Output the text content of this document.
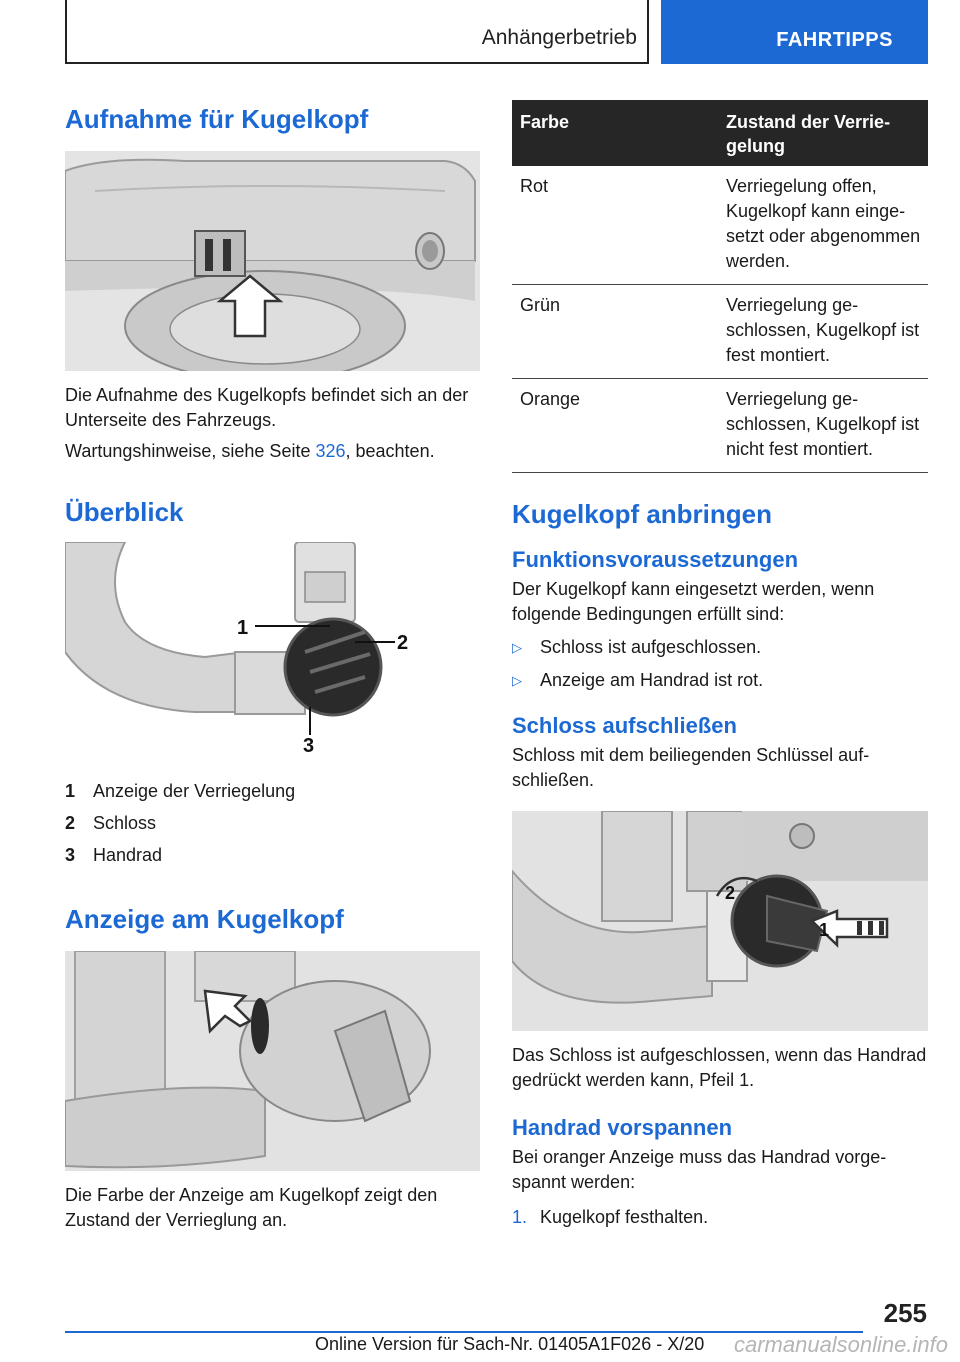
Anhängerbetrieb	FAHRTIPPS
Aufnahme für Kugelkopf
Die Aufnahme des Kugelkopfs befindet sich an der Unterseite des Fahrzeugs.
Wartungshinweise, siehe Seite 326, beachten.
Überblick
1
2
3
1 Anzeige der Verriegelung
2 Schloss
3 Handrad
Anzeige am Kugelkopf
Die Farbe der Anzeige am Kugelkopf zeigt den Zustand der Verrieglung an.
Farbe	Zustand der Verriegelung
Rot	Verriegelung offen, Kugelkopf kann eingesetzt oder abgenommen werden.
Grün	Verriegelung geschlossen, Kugelkopf ist fest montiert.
Orange	Verriegelung geschlossen, Kugelkopf ist nicht fest montiert.
Kugelkopf anbringen
Funktionsvoraussetzungen
Der Kugelkopf kann eingesetzt werden, wenn folgende Bedingungen erfüllt sind:
▷	Schloss ist aufgeschlossen.
▷	Anzeige am Handrad ist rot.
Schloss aufschließen
Schloss mit dem beiliegenden Schlüssel aufschließen.
2
1
Das Schloss ist aufgeschlossen, wenn das Handrad gedrückt werden kann, Pfeil 1.
Handrad vorspannen
Bei oranger Anzeige muss das Handrad vorgespannt werden:
1. Kugelkopf festhalten.
255
Online Version für Sach-Nr. 01405A1F026 - X/20 carmanualsonline.info
